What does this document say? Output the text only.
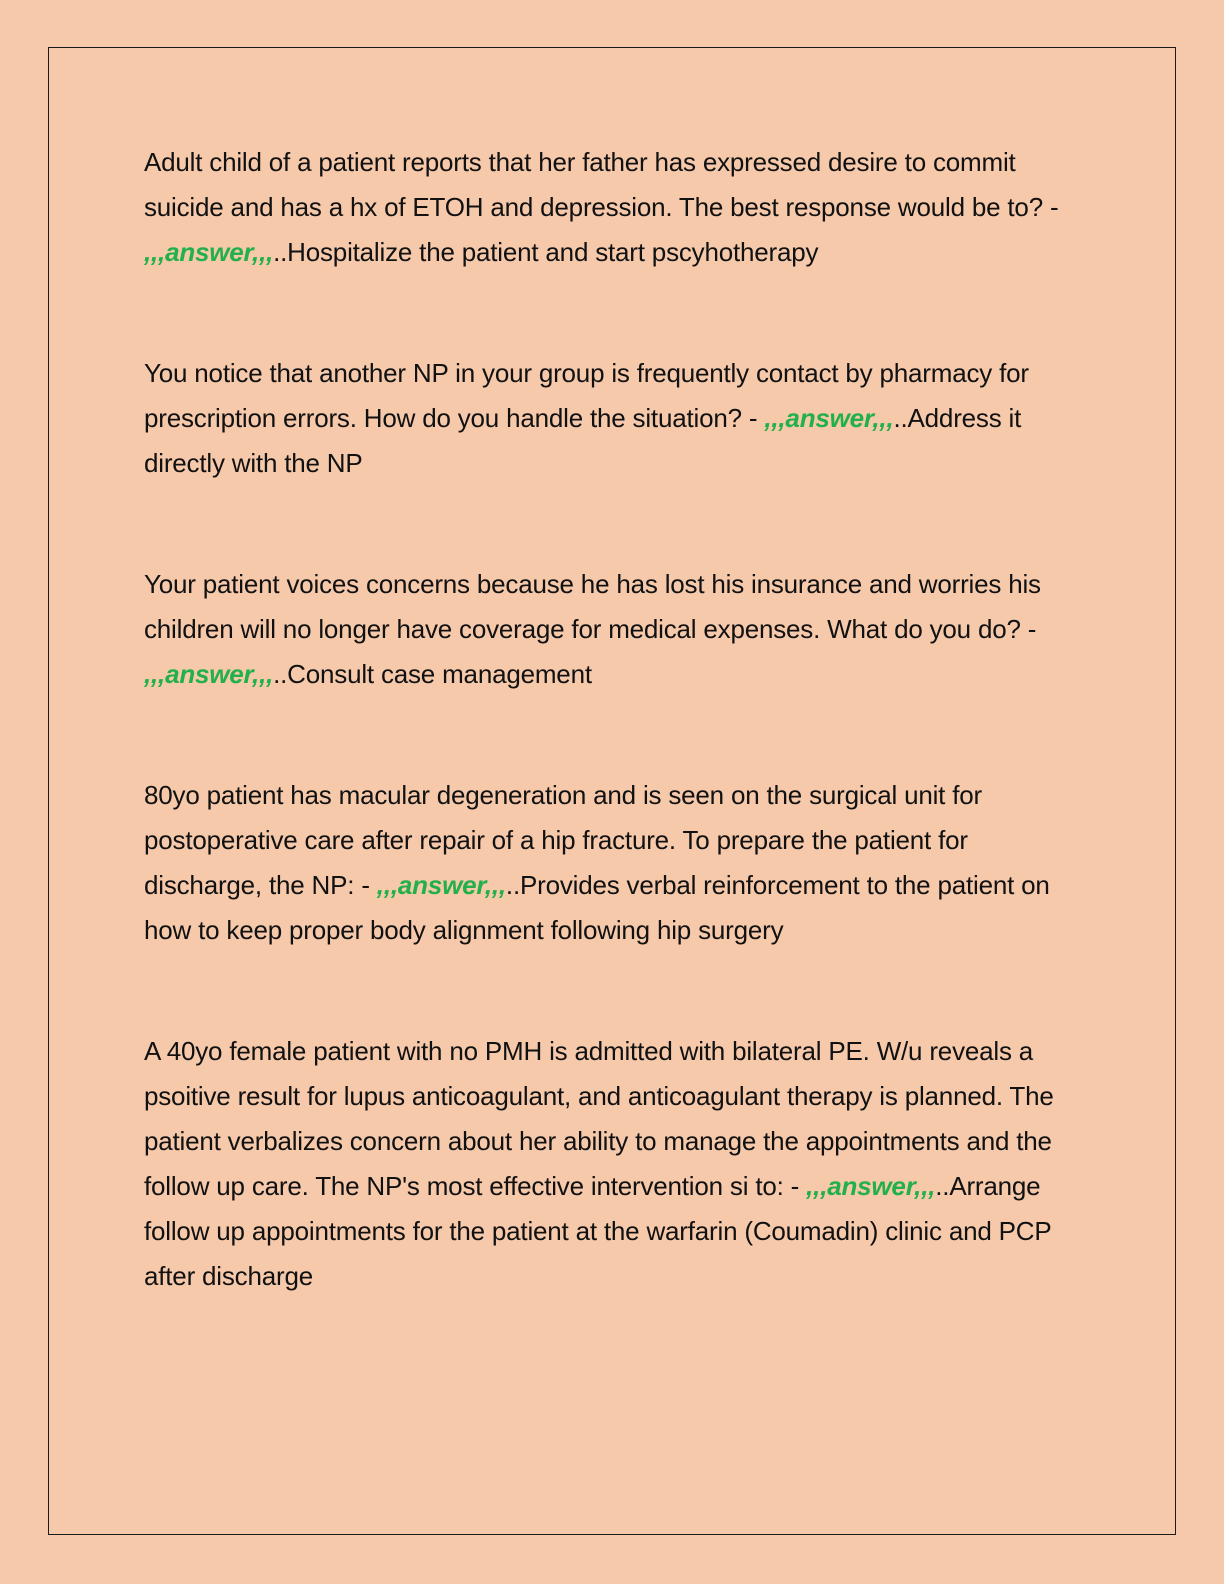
Adult child of a patient reports that her father has expressed desire to commit suicide and has a hx of ETOH and depression. The best response would be to? - ,,,answer,,,..Hospitalize the patient and start pscyhotherapy

You notice that another NP in your group is frequently contact by pharmacy for prescription errors. How do you handle the situation? - ,,,answer,,,..Address it directly with the NP

Your patient voices concerns because he has lost his insurance and worries his children will no longer have coverage for medical expenses. What do you do? - ,,,answer,,,..Consult case management

80yo patient has macular degeneration and is seen on the surgical unit for postoperative care after repair of a hip fracture. To prepare the patient for discharge, the NP: - ,,,answer,,,..Provides verbal reinforcement to the patient on how to keep proper body alignment following hip surgery

A 40yo female patient with no PMH is admitted with bilateral PE. W/u reveals a psoitive result for lupus anticoagulant, and anticoagulant therapy is planned. The patient verbalizes concern about her ability to manage the appointments and the follow up care. The NP's most effective intervention si to: - ,,,answer,,,..Arrange follow up appointments for the patient at the warfarin (Coumadin) clinic and PCP after discharge
